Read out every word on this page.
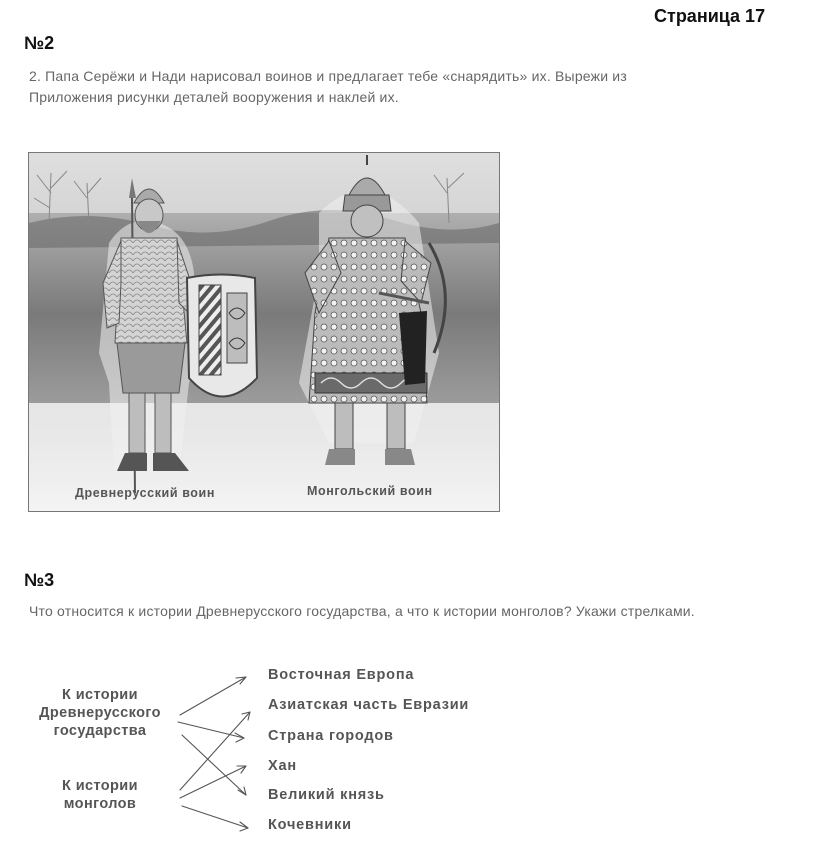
Страница 17
№2
2. Папа Серёжи и Нади нарисовал воинов и предлагает тебе «снарядить» их. Вырежи из
Приложения рисунки деталей вооружения и наклей их.
Древнерусский воин	Монгольский воин
№3
Что относится к истории Древнерусского государства, а что к истории монголов? Укажи стрелками.
К истории
Древнерусского
государства
К истории
монголов
Восточная Европа
Азиатская часть Евразии
Страна городов
Хан
Великий князь
Кочевники
